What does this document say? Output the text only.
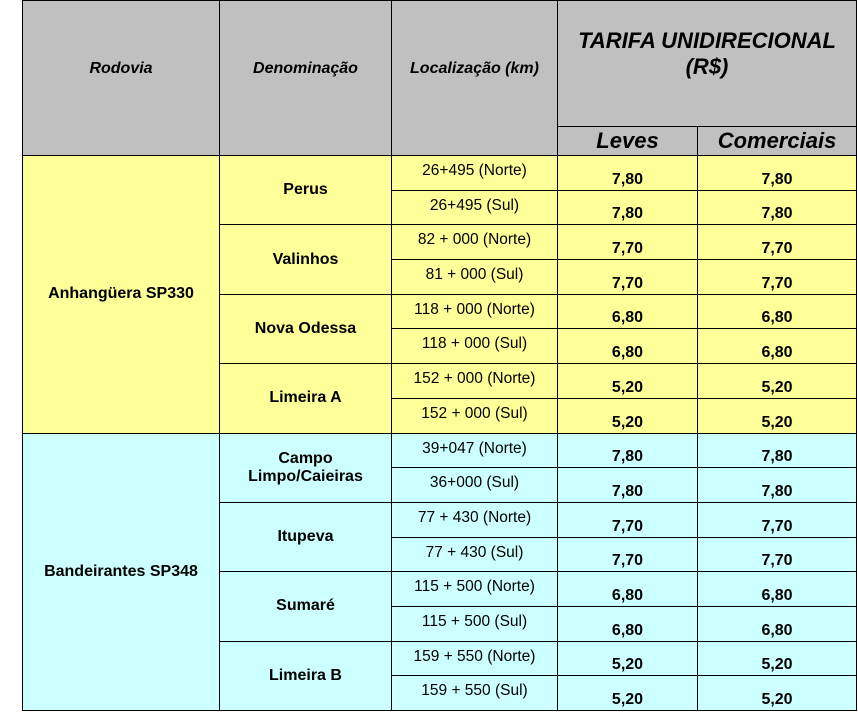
Rodovia	Denominação	Localização (km)	TARIFA UNIDIRECIONAL
(R$)	

			Leves	Comerciais
Anhangüera SP330	Perus	26+495 (Norte)	7,80	7,80
		26+495 (Sul)	7,80	7,80
	Valinhos	82 + 000 (Norte)	7,70	7,70
		81 + 000 (Sul)	7,70	7,70
	Nova Odessa	118 + 000 (Norte)	6,80	6,80
		118 + 000 (Sul)	6,80	6,80
	Limeira A	152 + 000 (Norte)	5,20	5,20
		152 + 000 (Sul)	5,20	5,20
Bandeirantes SP348	Campo Limpo/Caieiras	39+047 (Norte)	7,80	7,80
		36+000 (Sul)	7,80	7,80
	Itupeva	77 + 430 (Norte)	7,70	7,70
		77 + 430 (Sul)	7,70	7,70
	Sumaré	115 + 500 (Norte)	6,80	6,80
		115 + 500 (Sul)	6,80	6,80
	Limeira B	159 + 550 (Norte)	5,20	5,20
		159 + 550 (Sul)	5,20	5,20
